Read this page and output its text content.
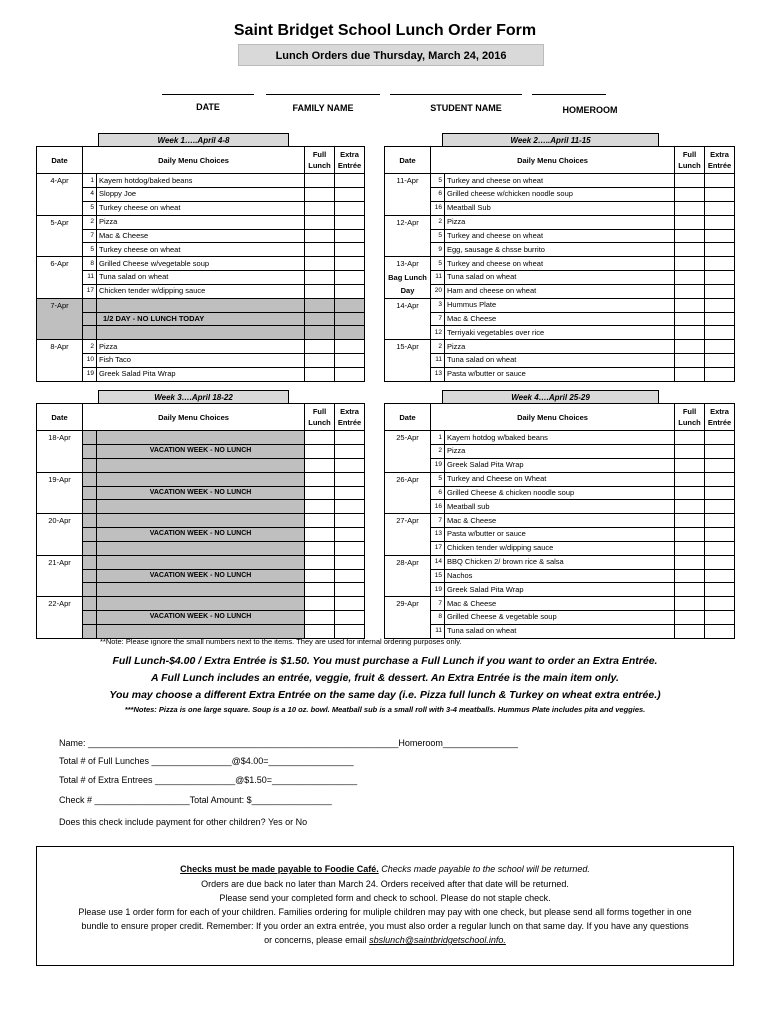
Saint Bridget School Lunch Order Form
Lunch Orders due Thursday, March 24, 2016
DATE	FAMILY NAME	STUDENT NAME	HOMEROOM
Week 1…..April 4-8	Week 2…..April 11-15
Week 3….April 18-22	Week 4….April 25-29
Date	Daily Menu Choices		Full Lunch	Extra Entrée
4-Apr	1	Kayem hotdog/baked beans		
	4	Sloppy Joe		
	5	Turkey cheese on wheat		
5-Apr	2	Pizza		
	7	Mac & Cheese		
	5	Turkey cheese on wheat		
6-Apr	8	Grilled Cheese w/vegetable soup		
	11	Tuna salad on wheat		
	17	Chicken tender w/dipping sauce		
7-Apr				
		1/2 DAY - NO LUNCH TODAY		

8-Apr	2	Pizza		
	10	Fish Taco		
	19	Greek Salad Pita Wrap		
Date	Daily Menu Choices		Full Lunch	Extra Entrée
11-Apr	5	Turkey and cheese on wheat		
	6	Grilled cheese w/chicken noodle soup		
	16	Meatball Sub		
12-Apr	2	Pizza		
	5	Turkey and cheese on wheat		
	9	Egg, sausage & chsse burrito		
13-Apr	5	Turkey and cheese on wheat		
Bag Lunch	11	Tuna salad on wheat		
Day	20	Ham and cheese on wheat		
14-Apr	3	Hummus Plate		
	7	Mac & Cheese		
	12	Terriyaki vegetables over rice		
15-Apr	2	Pizza		
	11	Tuna salad on wheat		
	13	Pasta w/butter or sauce		
Date	Daily Menu Choices		Full Lunch	Extra Entrée
18-Apr				
		VACATION WEEK - NO LUNCH		

19-Apr				
		VACATION WEEK - NO LUNCH		

20-Apr				
		VACATION WEEK - NO LUNCH		

21-Apr				
		VACATION WEEK - NO LUNCH		

22-Apr				
		VACATION WEEK - NO LUNCH		

Date	Daily Menu Choices		Full Lunch	Extra Entrée
25-Apr	1	Kayem hotdog w/baked beans		
	2	Pizza		
	19	Greek Salad Pita Wrap		
26-Apr	5	Turkey and Cheese on Wheat		
	6	Grilled Cheese & chicken noodle soup		
	16	Meatball sub		
27-Apr	7	Mac & Cheese		
	13	Pasta w/butter or sauce		
	17	Chicken tender w/dipping sauce		
28-Apr	14	BBQ Chicken 2/ brown rice & salsa		
	15	Nachos		
	19	Greek Salad Pita Wrap		
29-Apr	7	Mac & Cheese		
	8	Grilled Cheese & vegetable soup		
	11	Tuna salad on wheat		
**Note: Please ignore the small numbers next to the items. They are used for internal ordering purposes only.
Full Lunch-$4.00 / Extra Entrée is $1.50. You must purchase a Full Lunch if you want to order an Extra Entrée.
A Full Lunch includes an entrée, veggie, fruit & dessert. An Extra Entrée is the main item only.
You may choose a different Extra Entrée on the same day (i.e. Pizza full lunch & Turkey on wheat extra entrée.)
***Notes: Pizza is one large square. Soup is a 10 oz. bowl. Meatball sub is a small roll with 3-4 meatballs. Hummus Plate includes pita and veggies.
Name: ______________________________________________________________Homeroom_______________
Total # of Full Lunches ________________@$4.00=_________________
Total # of Extra Entrees ________________@$1.50=_________________
Check # ___________________Total Amount: $________________
Does this check include payment for other children? Yes or No
Checks must be made payable to Foodie Café. Checks made payable to the school will be returned.
Orders are due back no later than March 24. Orders received after that date will be returned.
Please send your completed form and check to school. Please do not staple check.
Please use 1 order form for each of your children. Families ordering for muliple children may pay with one check, but please send all forms together in one
bundle to ensure proper credit. Remember: If you order an extra entrée, you must also order a regular lunch on that same day. If you have any questions
or concerns, please email sbslunch@saintbridgetschool.info.
